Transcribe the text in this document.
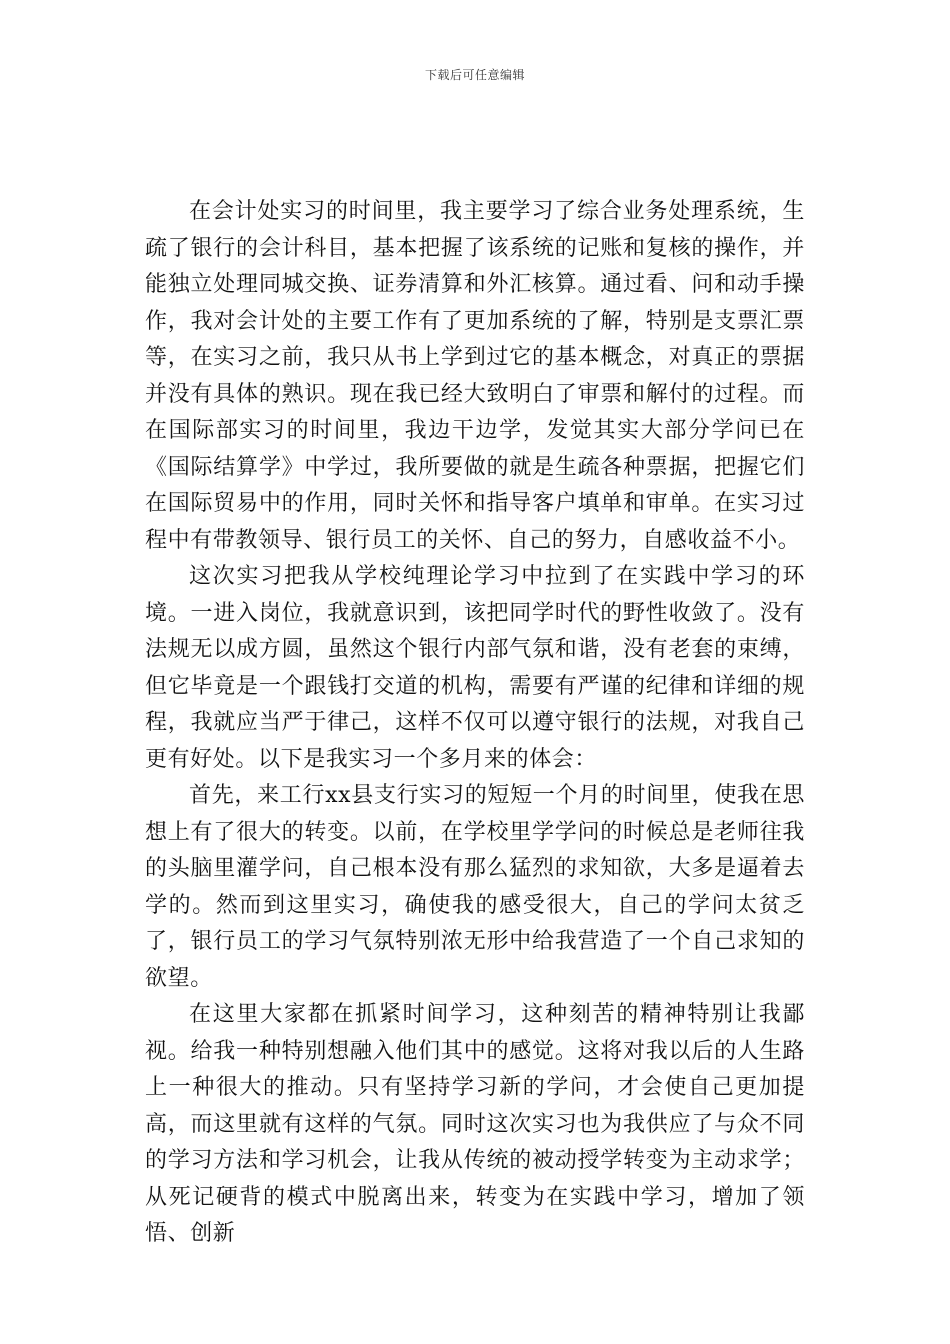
下载后可任意编辑

在会计处实习的时间里，我主要学习了综合业务处理系统，生疏了银行的会计科目，基本把握了该系统的记账和复核的操作，并能独立处理同城交换、证券清算和外汇核算。通过看、问和动手操作，我对会计处的主要工作有了更加系统的了解，特别是支票汇票等，在实习之前，我只从书上学到过它的基本概念，对真正的票据并没有具体的熟识。现在我已经大致明白了审票和解付的过程。而在国际部实习的时间里，我边干边学，发觉其实大部分学问已在《国际结算学》中学过，我所要做的就是生疏各种票据，把握它们在国际贸易中的作用，同时关怀和指导客户填单和审单。在实习过程中有带教领导、银行员工的关怀、自己的努力，自感收益不小。

这次实习把我从学校纯理论学习中拉到了在实践中学习的环境。一进入岗位，我就意识到，该把同学时代的野性收敛了。没有法规无以成方圆，虽然这个银行内部气氛和谐，没有老套的束缚，但它毕竟是一个跟钱打交道的机构，需要有严谨的纪律和详细的规程，我就应当严于律己，这样不仅可以遵守银行的法规，对我自己更有好处。以下是我实习一个多月来的体会：

首先，来工行xx县支行实习的短短一个月的时间里，使我在思想上有了很大的转变。以前，在学校里学学问的时候总是老师往我的头脑里灌学问，自己根本没有那么猛烈的求知欲，大多是逼着去学的。然而到这里实习，确使我的感受很大，自己的学问太贫乏了，银行员工的学习气氛特别浓无形中给我营造了一个自己求知的欲望。

在这里大家都在抓紧时间学习，这种刻苦的精神特别让我鄙视。给我一种特别想融入他们其中的感觉。这将对我以后的人生路上一种很大的推动。只有坚持学习新的学问，才会使自己更加提高，而这里就有这样的气氛。同时这次实习也为我供应了与众不同的学习方法和学习机会，让我从传统的被动授学转变为主动求学；从死记硬背的模式中脱离出来，转变为在实践中学习，增加了领悟、创新
